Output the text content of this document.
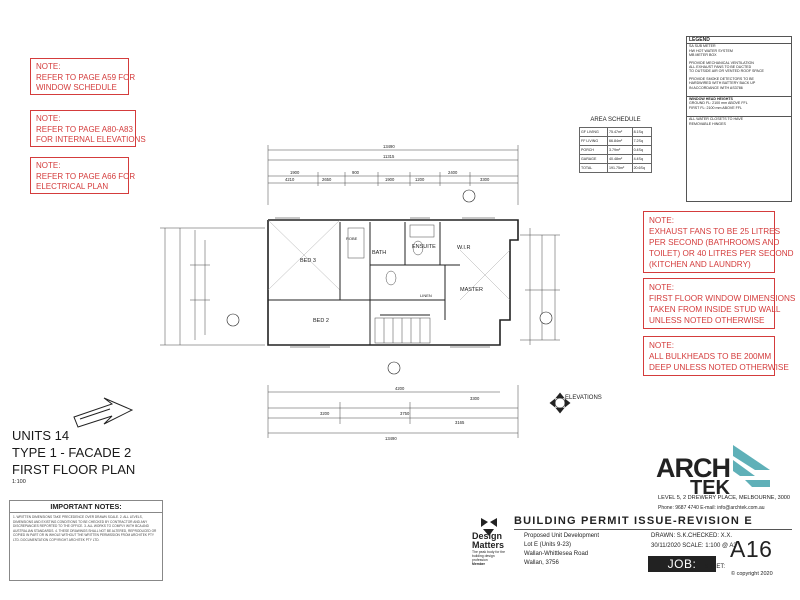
NOTE:
REFER TO PAGE A59 FOR
WINDOW SCHEDULE
NOTE:
REFER TO PAGE A80-A83
FOR INTERNAL ELEVATIONS
NOTE:
REFER TO PAGE A66 FOR
ELECTRICAL PLAN
NOTE:
EXHAUST FANS TO BE 25 LITRES
PER SECOND (BATHROOMS AND
TOILET) OR 40 LITRES PER SECOND
(KITCHEN AND LAUNDRY)
NOTE:
FIRST FLOOR WINDOW DIMENSIONS
TAKEN FROM INSIDE STUD WALL
UNLESS NOTED OTHERWISE
NOTE:
ALL BULKHEADS TO BE 200MM
DEEP UNLESS NOTED OTHERWISE
LEGEND
SA SUB METER
HW HOT WATER SYSTEM
MB METER BOX
PROVIDE MECHANICAL VENTILATION
ALL EXHAUST FANS TO BE DUCTED
TO OUTSIDE AIR OR VENTED ROOF SPACE
PROVIDE SMOKE DETECTORS TO BE
HARDWIRED WITH BATTERY BACK UP
IN ACCORDANCE WITH AS3786
WINDOW HEAD HEIGHTS
GROUND FL: 2100 mm ABOVE FFL
FIRST FL: 2100 mm ABOVE FFL
ALL WATER CLOSETS TO HAVE
REMOVABLE HINGES
AREA SCHEDULE
GF LIVING	75.47m²	8.1Sq
FF LIVING	66.84m²	7.2Sq
PORCH	3.79m²	0.4Sq
GARAGE	40.48m²	4.4Sq
TOTAL	191.75m²	20.6Sq
13490
11315
1900
4210	2650
900
1900	1200
2400
3300
BED 3
BED 2
BATH
ENSUITE	W.I.R
MASTER
LINEN
ROBE
4200
3300
3200	3750
3165
13490
ELEVATIONS
UNITS 14
TYPE 1 - FACADE 2
FIRST FLOOR PLAN
1:100
IMPORTANT NOTES:
1. WRITTEN DIMENSIONS TAKE PRECEDENCE OVER DRAWN SCALE. 2. ALL LEVELS, DIMENSIONS AND EXISTING CONDITIONS TO BE CHECKED BY CONTRACTOR AND ANY DISCREPANCIES REPORTED TO THE OFFICE. 3. ALL WORKS TO COMPLY WITH BCA AND AUSTRALIAN STANDARDS. 4. THESE DRAWINGS SHALL NOT BE ALTERED, REPRODUCED OR COPIED IN PART OR IN WHOLE WITHOUT THE WRITTEN PERMISSION FROM ARCHITEK PTY LTD. DOCUMENTATION COPYRIGHT ARCHITEK PTY LTD.	Design Matters
The peak body for the building design profession
Member
ARCH
TEK
LEVEL 5, 2 DREWERY PLACE, MELBOURNE, 3000
Phone: 9687 4740 E-mail: info@archtek.com.au
BUILDING PERMIT ISSUE-REVISION E
Proposed Unit Development
Lot E (Units 9-23)
Wallan-Whittlesea Road
Wallan, 3756
DRAWN: S.K. CHECKED: X.X.
30/11/2020 SCALE: 1:100 @ A3
JOB: 021.17
SHEET:
A16
© copyright 2020
